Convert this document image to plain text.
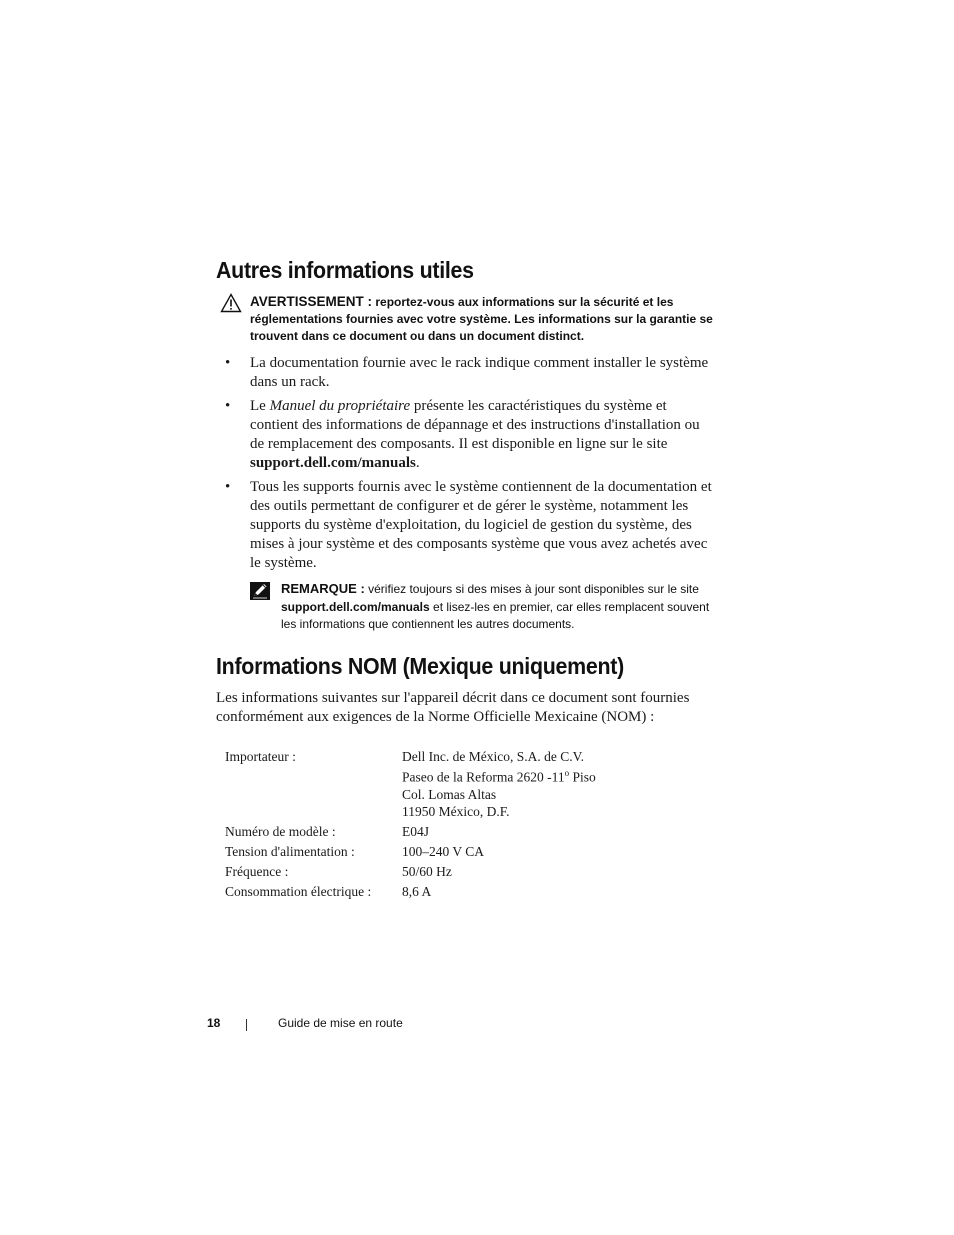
Autres informations utiles
AVERTISSEMENT : reportez-vous aux informations sur la sécurité et les réglementations fournies avec votre système. Les informations sur la garantie se trouvent dans ce document ou dans un document distinct.
• La documentation fournie avec le rack indique comment installer le système dans un rack.
• Le Manuel du propriétaire présente les caractéristiques du système et contient des informations de dépannage et des instructions d'installation ou de remplacement des composants. Il est disponible en ligne sur le site support.dell.com/manuals.
• Tous les supports fournis avec le système contiennent de la documentation et des outils permettant de configurer et de gérer le système, notamment les supports du système d'exploitation, du logiciel de gestion du système, des mises à jour système et des composants système que vous avez achetés avec le système.
REMARQUE : vérifiez toujours si des mises à jour sont disponibles sur le site support.dell.com/manuals et lisez-les en premier, car elles remplacent souvent les informations que contiennent les autres documents.
Informations NOM (Mexique uniquement)

Les informations suivantes sur l'appareil décrit dans ce document sont fournies conformément aux exigences de la Norme Officielle Mexicaine (NOM) :

Importateur :	Dell Inc. de México, S.A. de C.V.
Paseo de la Reforma 2620 -11$^o$ Piso
Col. Lomas Altas
11950 México, D.F.

Numéro de modèle :	E04J
Tension d'alimentation :	100–240 V CA
Fréquence :	50/60 Hz
Consommation électrique :	8,6 A
18	Guide de mise en route
